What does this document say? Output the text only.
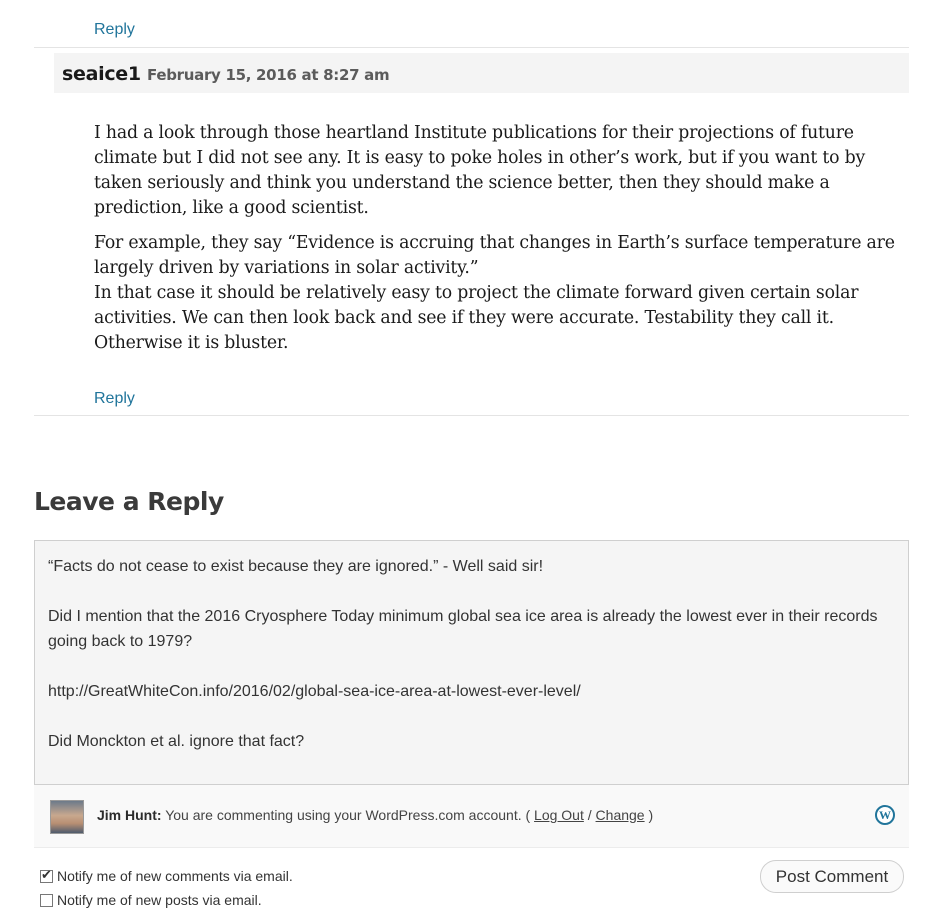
Reply
seaice1 February 15, 2016 at 8:27 am

I had a look through those heartland Institute publications for their projections of future climate but I did not see any. It is easy to poke holes in other’s work, but if you want to by taken seriously and think you understand the science better, then they should make a prediction, like a good scientist.

For example, they say “Evidence is accruing that changes in Earth’s surface temperature are largely driven by variations in solar activity.”
In that case it should be relatively easy to project the climate forward given certain solar activities. We can then look back and see if they were accurate. Testability they call it. Otherwise it is bluster.

Reply
Leave a Reply

“Facts do not cease to exist because they are ignored.” - Well said sir!

Did I mention that the 2016 Cryosphere Today minimum global sea ice area is already the lowest ever in their records going back to 1979?

http://GreatWhiteCon.info/2016/02/global-sea-ice-area-at-lowest-ever-level/

Did Monckton et al. ignore that fact?

Jim Hunt: You are commenting using your WordPress.com account. ( Log Out / Change )	W
✔Notify me of new comments via email.
Notify me of new posts via email.
Post Comment
